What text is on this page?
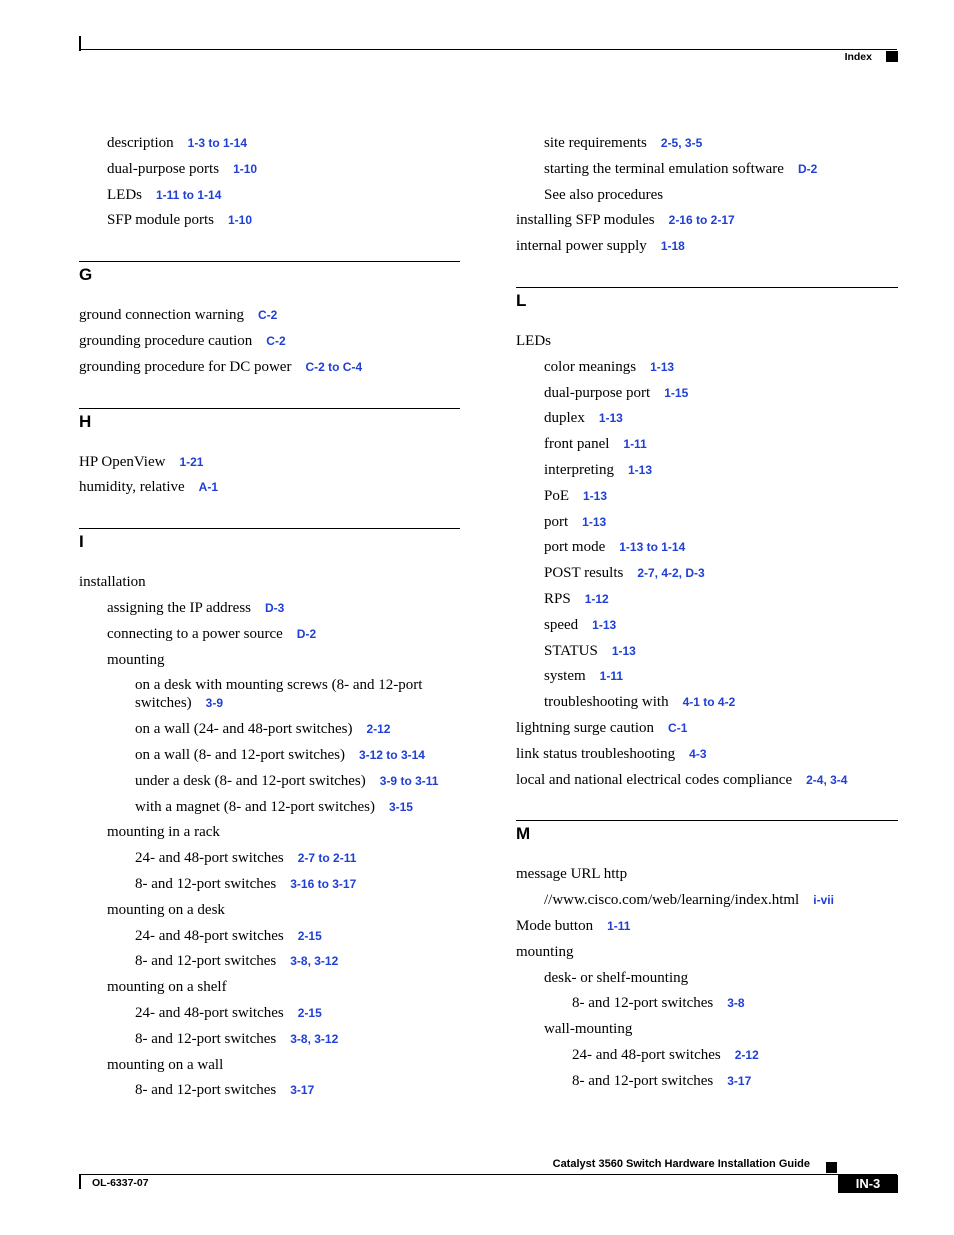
Index
description 1-3 to 1-14
dual-purpose ports 1-10
LEDs 1-11 to 1-14
SFP module ports 1-10
G
ground connection warning C-2
grounding procedure caution C-2
grounding procedure for DC power C-2 to C-4
H
HP OpenView 1-21
humidity, relative A-1
I
installation
assigning the IP address D-3
connecting to a power source D-2
mounting
on a desk with mounting screws (8- and 12-port switches) 3-9
on a wall (24- and 48-port switches) 2-12
on a wall (8- and 12-port switches) 3-12 to 3-14
under a desk (8- and 12-port switches) 3-9 to 3-11
with a magnet (8- and 12-port switches) 3-15
mounting in a rack
24- and 48-port switches 2-7 to 2-11
8- and 12-port switches 3-16 to 3-17
mounting on a desk
24- and 48-port switches 2-15
8- and 12-port switches 3-8, 3-12
mounting on a shelf
24- and 48-port switches 2-15
8- and 12-port switches 3-8, 3-12
mounting on a wall
8- and 12-port switches 3-17
site requirements 2-5, 3-5
starting the terminal emulation software D-2
See also procedures
installing SFP modules 2-16 to 2-17
internal power supply 1-18
L
LEDs
color meanings 1-13
dual-purpose port 1-15
duplex 1-13
front panel 1-11
interpreting 1-13
PoE 1-13
port 1-13
port mode 1-13 to 1-14
POST results 2-7, 4-2, D-3
RPS 1-12
speed 1-13
STATUS 1-13
system 1-11
troubleshooting with 4-1 to 4-2
lightning surge caution C-1
link status troubleshooting 4-3
local and national electrical codes compliance 2-4, 3-4
M
message URL http
//www.cisco.com/web/learning/index.html i-vii
Mode button 1-11
mounting
desk- or shelf-mounting
8- and 12-port switches 3-8
wall-mounting
24- and 48-port switches 2-12
8- and 12-port switches 3-17
Catalyst 3560 Switch Hardware Installation Guide
OL-6337-07	IN-3
